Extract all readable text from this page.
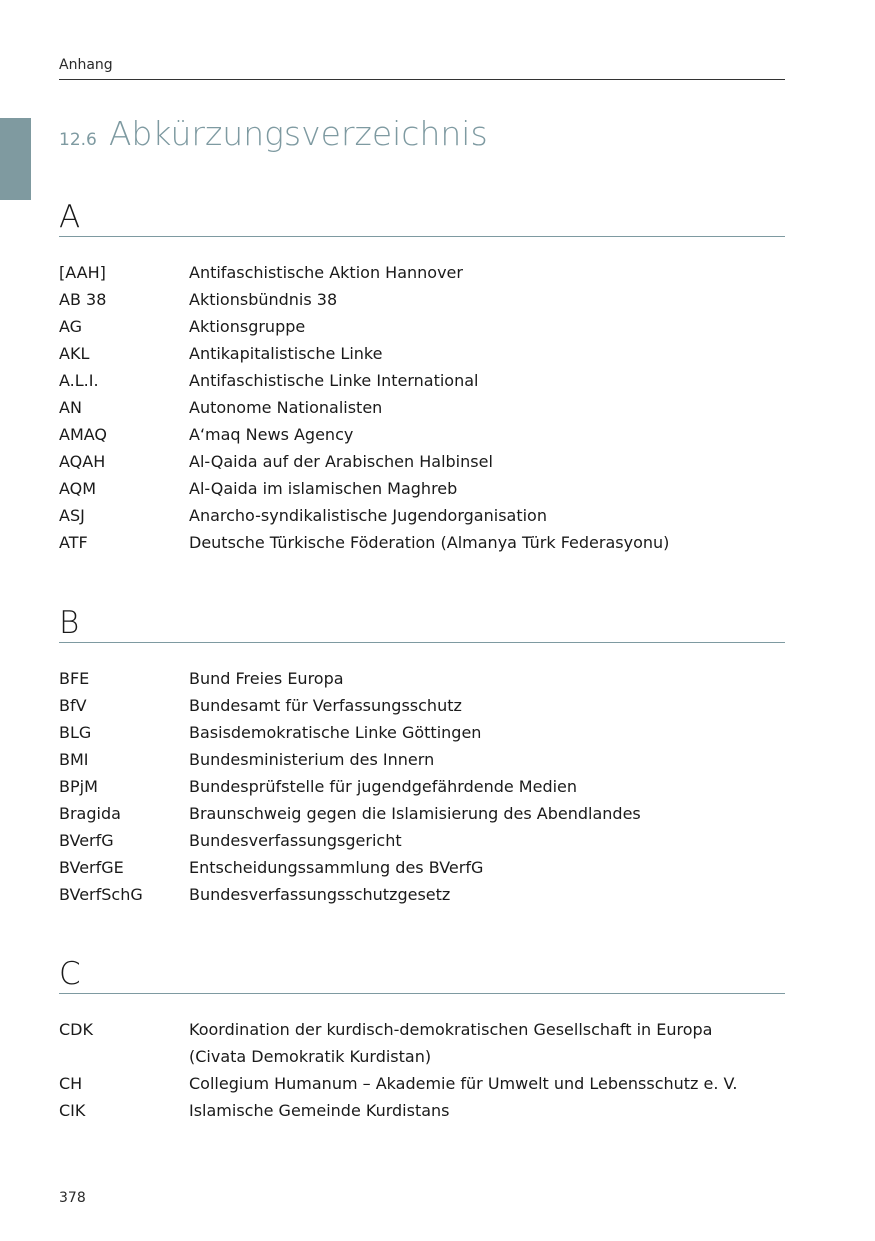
Anhang
12.6 Abkürzungsverzeichnis
A
[AAH]	Antifaschistische Aktion Hannover
AB 38	Aktionsbündnis 38
AG	Aktionsgruppe
AKL	Antikapitalistische Linke
A.L.I.	Antifaschistische Linke International
AN	Autonome Nationalisten
AMAQ	A‘maq News Agency
AQAH	Al-Qaida auf der Arabischen Halbinsel
AQM	Al-Qaida im islamischen Maghreb
ASJ	Anarcho-syndikalistische Jugendorganisation
ATF	Deutsche Türkische Föderation (Almanya Türk Federasyonu)
B
BFE	Bund Freies Europa
BfV	Bundesamt für Verfassungsschutz
BLG	Basisdemokratische Linke Göttingen
BMI	Bundesministerium des Innern
BPjM	Bundesprüfstelle für jugendgefährdende Medien
Bragida	Braunschweig gegen die Islamisierung des Abendlandes
BVerfG	Bundesverfassungsgericht
BVerfGE	Entscheidungssammlung des BVerfG
BVerfSchG	Bundesverfassungsschutzgesetz
C
CDK	Koordination der kurdisch-demokratischen Gesellschaft in Europa
(Civata Demokratik Kurdistan)
CH	Collegium Humanum – Akademie für Umwelt und Lebensschutz e. V.
CIK	Islamische Gemeinde Kurdistans
378
